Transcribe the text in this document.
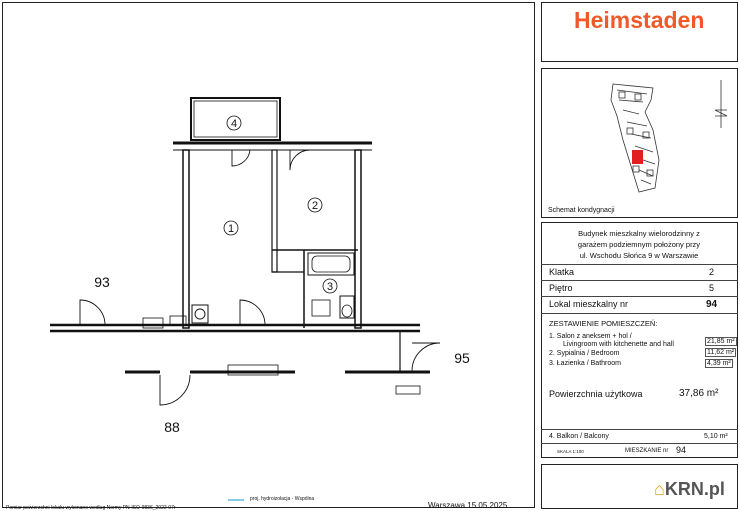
4
1
2
3
93
95
88
Pomiar powierzchni lokalu wykonano wedlug Normy PN-ISO-9836_2022-07r
proj. hydroizolacja - Wspólna
Warszawa 15.05.2025
Heimstaden
Schemat kondygnacji
Budynek mieszkalny wielorodzinny z
garażem podziemnym położony przy
ul. Wschodu Słońca 9 w Warszawie
Klatka	2
Piętro	5
Lokal mieszkalny nr	94
ZESTAWIENIE POMIESZCZEŃ:
1. Salon z aneksem + hol /
Livingroom with kitchenette and hall	21,85 m²
2. Sypialnia / Bedroom	11,62 m²
3. Łazienka / Bathroom	4,39 m²
Powierzchnia użytkowa	37,86 m²
4. Balkon / Balcony	5,10 m²
SKALA 1:100	MIESZKANIE nr 94
⌂KRN.pl
